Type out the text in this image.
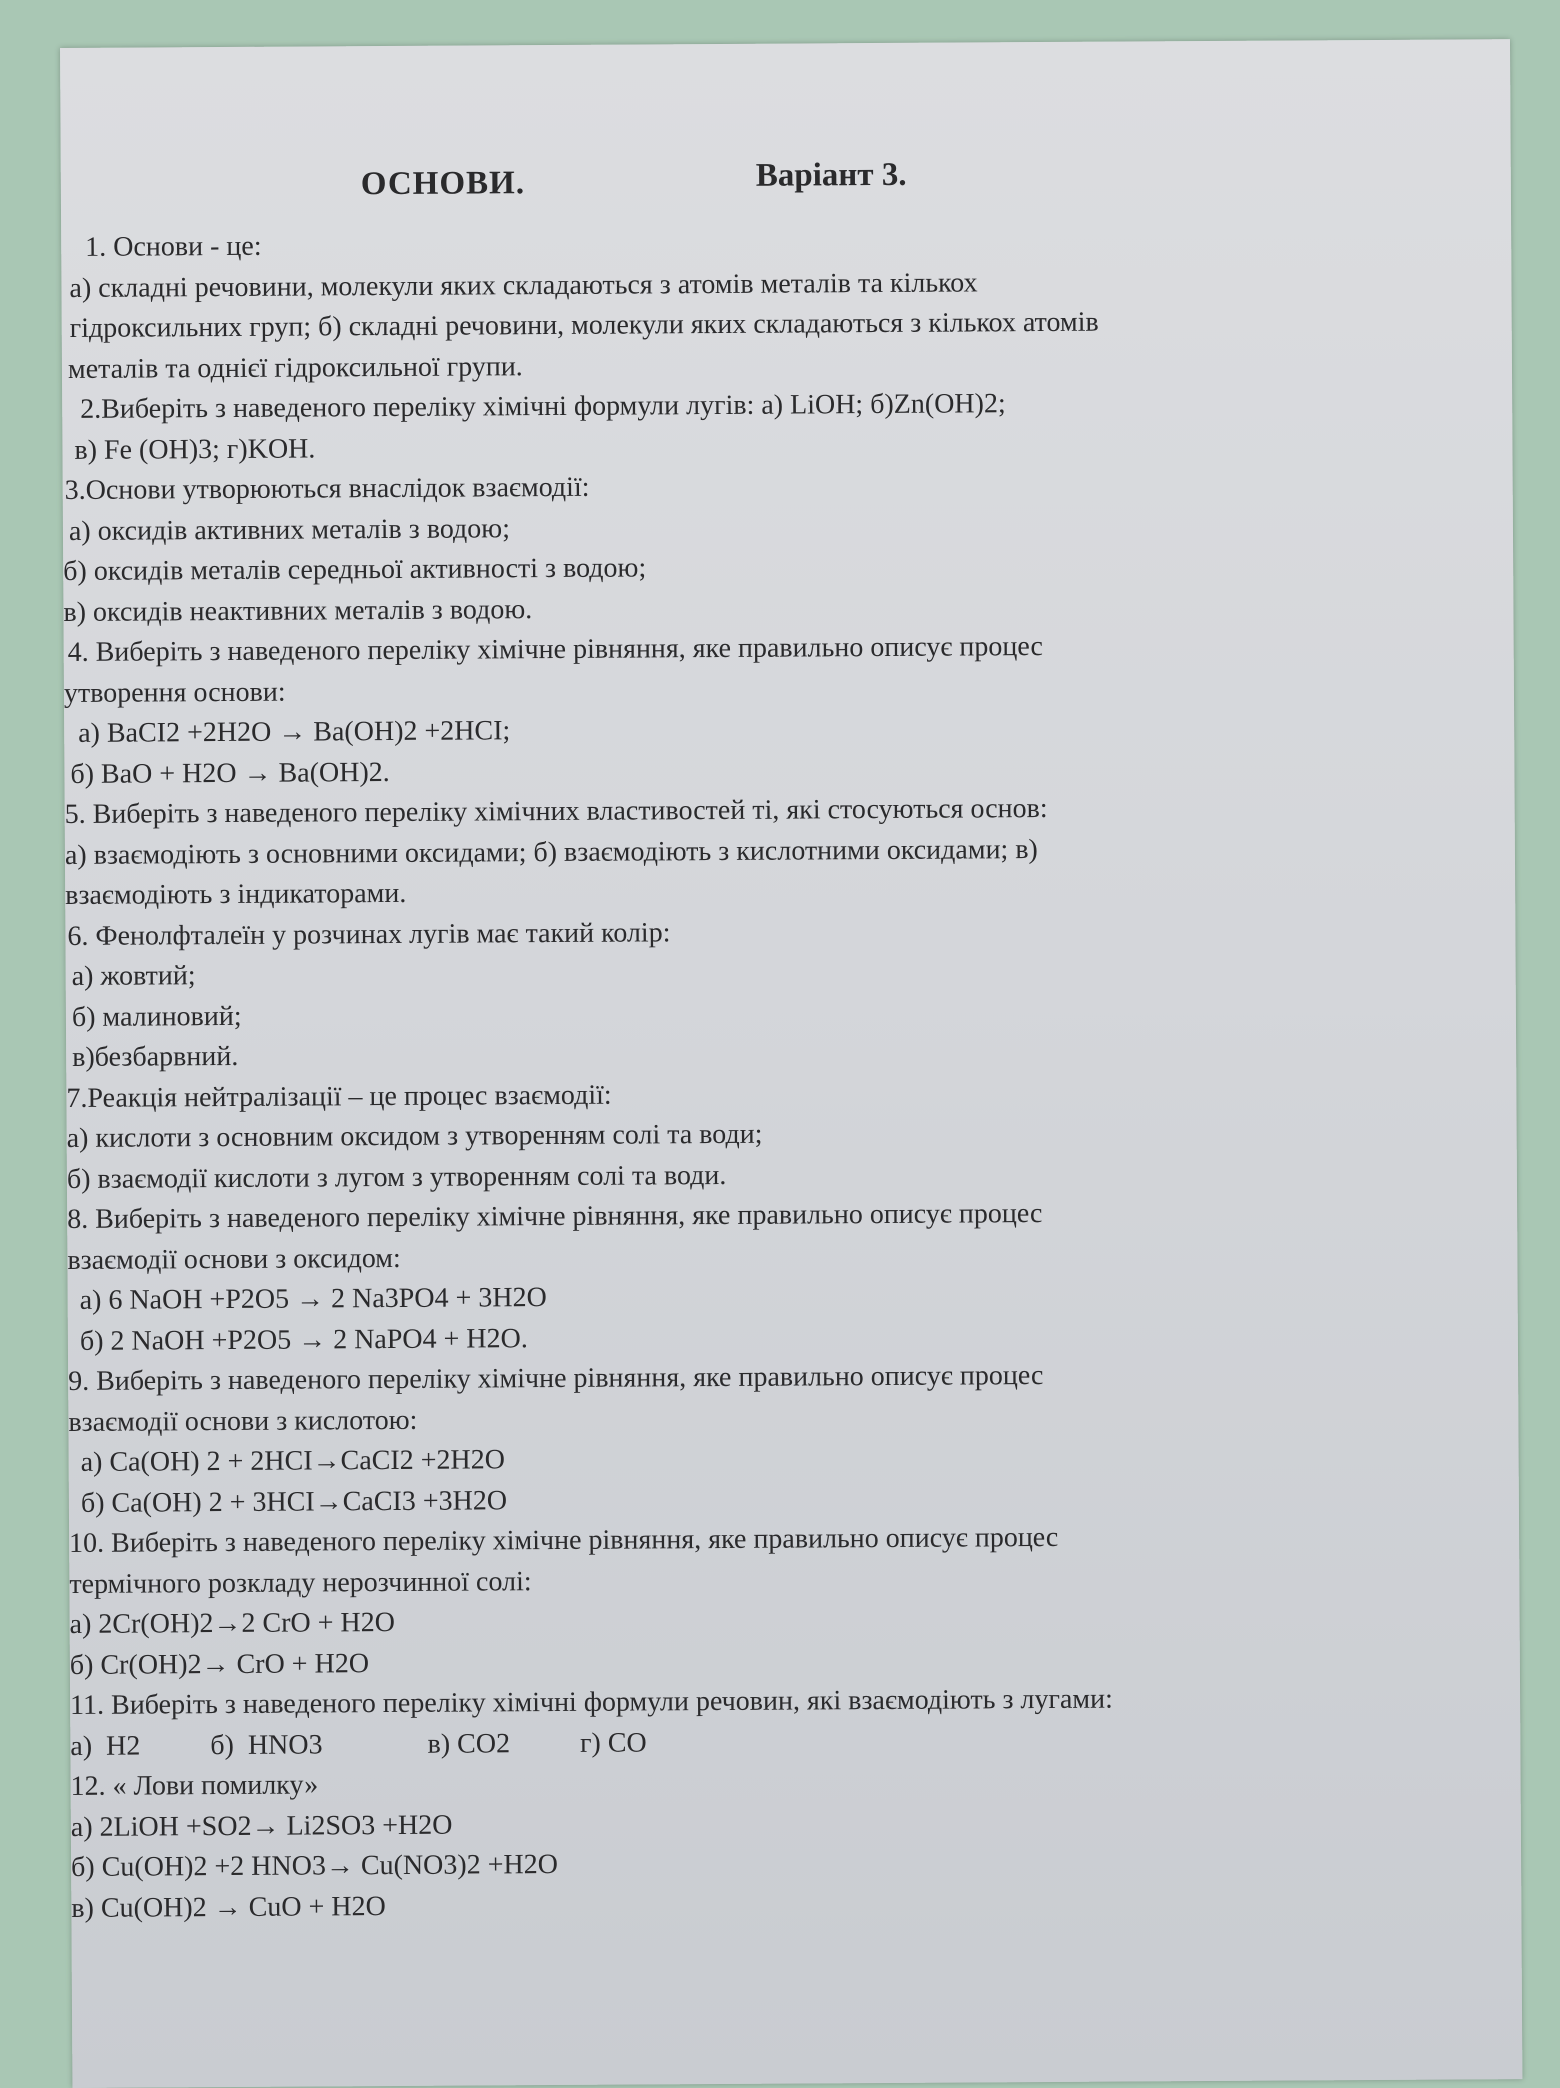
ОСНОВИ.	Варіант 3.
1. Основи - це:
а) складні речовини, молекули яких складаються з атомів металів та кількох
гідроксильних груп; б) складні речовини, молекули яких складаються з кількох атомів
металів та однієї гідроксильної групи.
2.Виберіть з наведеного переліку хімічні формули лугів: а) LiOH; б)Zn(OH)2;
в) Fe (OH)3; г)KOH.
3.Основи утворюються внаслідок взаємодії:
а) оксидів активних металів з водою;
б) оксидів металів середньої активності з водою;
в) оксидів неактивних металів з водою.
4. Виберіть з наведеного переліку хімічне рівняння, яке правильно описує процес
утворення основи:
а) BaCI2 +2H2O → Ba(OH)2 +2HCI;
б) BaO + H2O → Ba(OH)2.
5. Виберіть з наведеного переліку хімічних властивостей ті, які стосуються основ:
а) взаємодіють з основними оксидами; б) взаємодіють з кислотними оксидами; в)
взаємодіють з індикаторами.
6. Фенолфталеїн у розчинах лугів має такий колір:
а) жовтий;
б) малиновий;
в)безбарвний.
7.Реакція нейтралізації – це процес взаємодії:
а) кислоти з основним оксидом з утворенням солі та води;
б) взаємодії кислоти з лугом з утворенням солі та води.
8. Виберіть з наведеного переліку хімічне рівняння, яке правильно описує процес
взаємодії основи з оксидом:
а) 6 NaOH +P2O5 → 2 Na3PO4 + 3H2O
б) 2 NaOH +P2O5 → 2 NaPO4 + H2O.
9. Виберіть з наведеного переліку хімічне рівняння, яке правильно описує процес
взаємодії основи з кислотою:
а) Ca(OH) 2 + 2HCI→CaCI2 +2H2O
б) Ca(OH) 2 + 3HCI→CaCI3 +3H2O
10. Виберіть з наведеного переліку хімічне рівняння, яке правильно описує процес
термічного розкладу нерозчинної солі:
а) 2Cr(OH)2→2 CrO + H2O
б) Cr(OH)2→ CrO + H2O
11. Виберіть з наведеного переліку хімічні формули речовин, які взаємодіють з лугами:
а)  H2          б)  HNO3               в) CO2          г) CO
12. « Лови помилку»
а) 2LiOH +SO2→ Li2SO3 +H2O
б) Cu(OH)2 +2 HNO3→ Cu(NO3)2 +H2O
в) Cu(OH)2 → CuO + H2O
